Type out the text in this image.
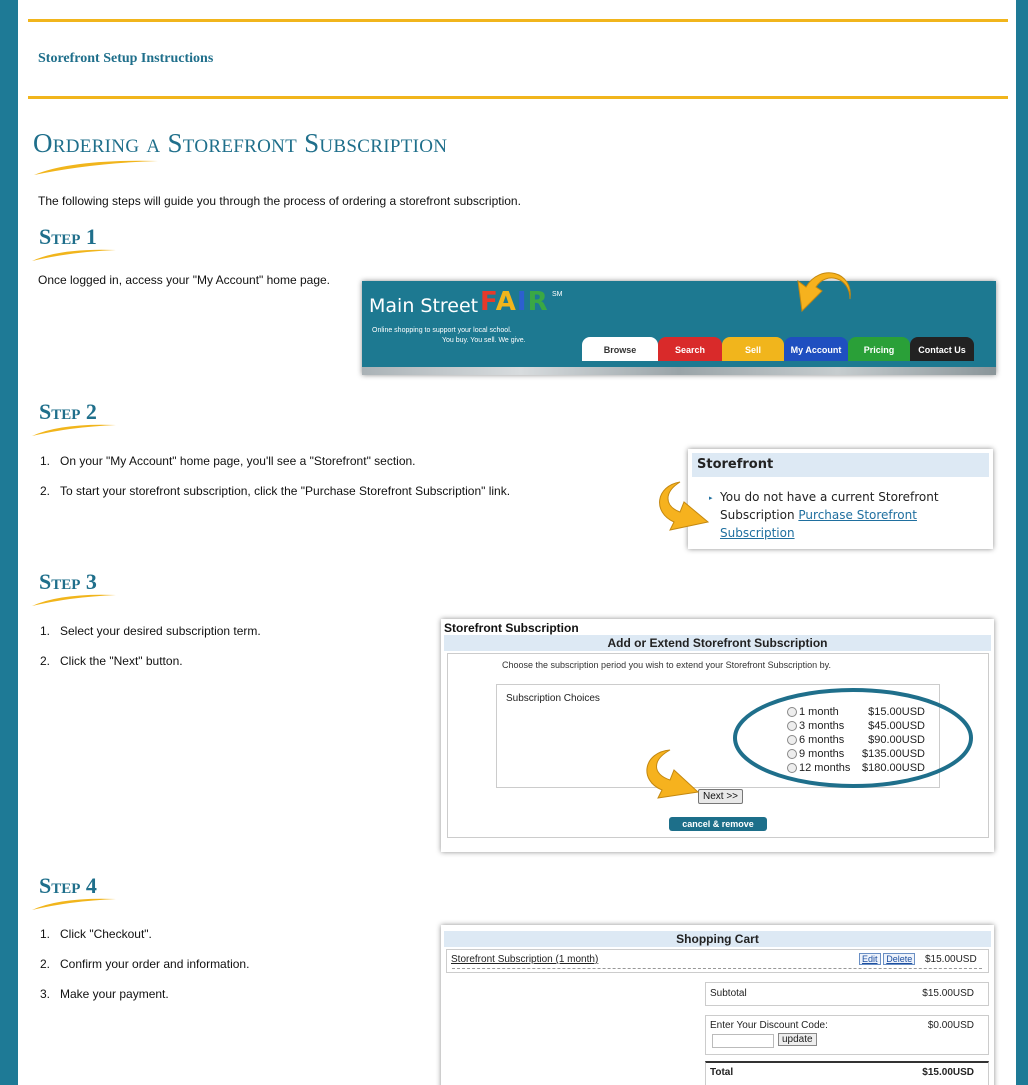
Storefront Setup Instructions
Ordering a Storefront Subscription
The following steps will guide you through the process of ordering a storefront subscription.
Step 1
Once logged in, access your "My Account" home page.
Main Street FAIR SM
Online shopping to support your local school.
You buy. You sell. We give.
Browse	Search	Sell	My Account	Pricing	Contact Us
Step 2
1. On your "My Account" home page, you'll see a "Storefront" section.
2. To start your storefront subscription, click the "Purchase Storefront Subscription" link.
Storefront
▸ You do not have a current Storefront Subscription Purchase Storefront Subscription
Step 3
1. Select your desired subscription term.
2. Click the "Next" button.
Storefront Subscription
Add or Extend Storefront Subscription
Choose the subscription period you wish to extend your Storefront Subscription by.
Subscription Choices
1 month	$15.00USD
3 months $45.00USD
6 months $90.00USD
9 months $135.00USD
12 months $180.00USD
Next >>
cancel & remove
Step 4
1. Click "Checkout".
2. Confirm your order and information.
3. Make your payment.
Shopping Cart
Storefront Subscription (1 month)	Edit Delete	$15.00USD
Subtotal	$15.00USD
Enter Your Discount Code:	$0.00USD
update
Total	$15.00USD
